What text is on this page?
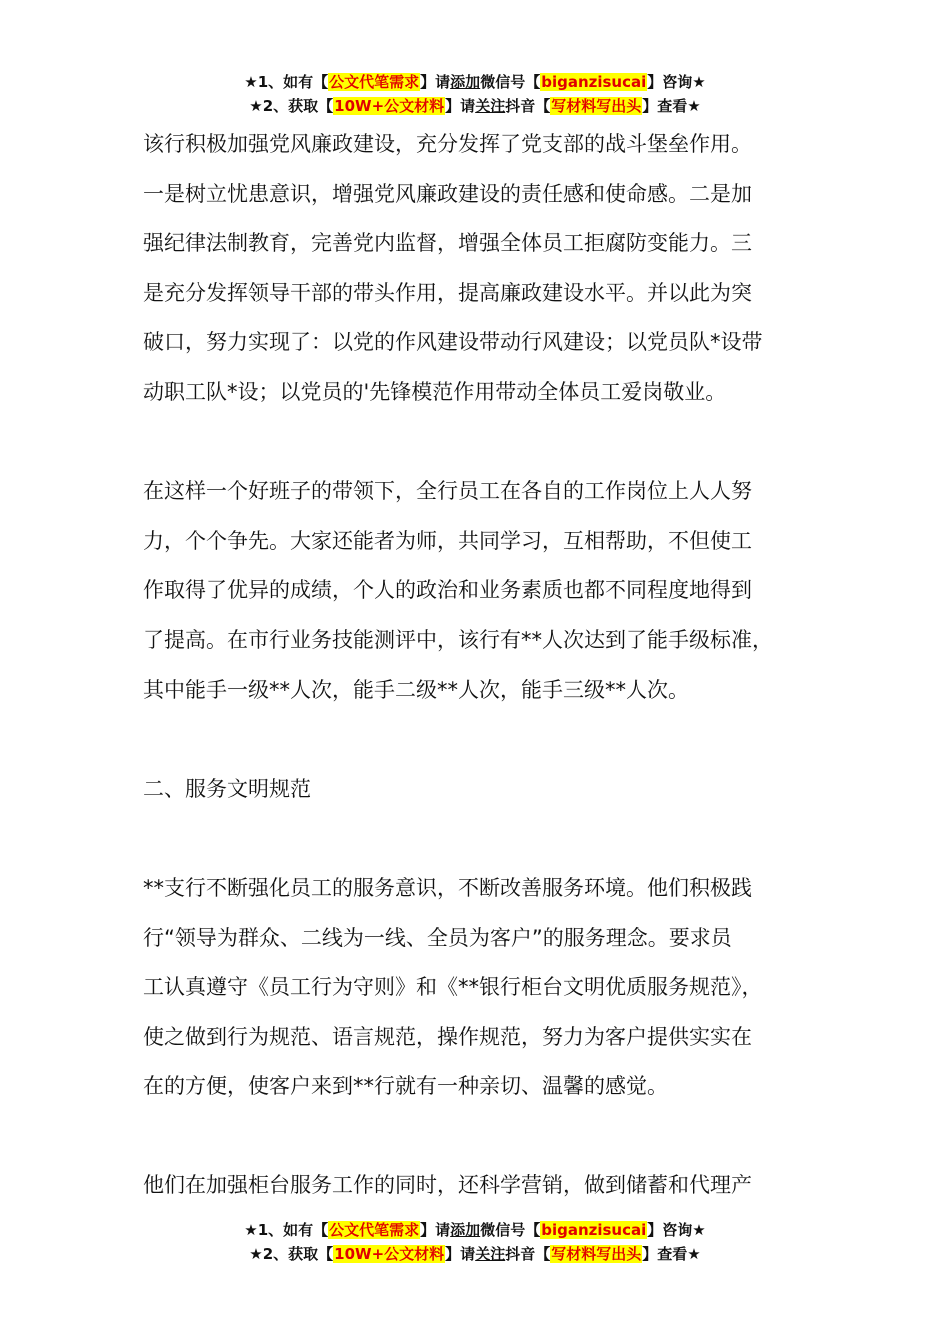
★1、如有【公文代笔需求】请添加微信号【biganzisucai】咨询★
★2、获取【10W+公文材料】请关注抖音【写材料写出头】查看★

该行积极加强党风廉政建设，充分发挥了党支部的战斗堡垒作用。
一是树立忧患意识，增强党风廉政建设的责任感和使命感。二是加
强纪律法制教育，完善党内监督，增强全体员工拒腐防变能力。三
是充分发挥领导干部的带头作用，提高廉政建设水平。并以此为突
破口，努力实现了：以党的作风建设带动行风建设；以党员队*设带
动职工队*设；以党员的'先锋模范作用带动全体员工爱岗敬业。

在这样一个好班子的带领下，全行员工在各自的工作岗位上人人努
力，个个争先。大家还能者为师，共同学习，互相帮助，不但使工
作取得了优异的成绩，个人的政治和业务素质也都不同程度地得到
了提高。在市行业务技能测评中，该行有**人次达到了能手级标准，
其中能手一级**人次，能手二级**人次，能手三级**人次。

二、服务文明规范

**支行不断强化员工的服务意识，不断改善服务环境。他们积极践
行“领导为群众、二线为一线、全员为客户”的服务理念。要求员
工认真遵守《员工行为守则》和《**银行柜台文明优质服务规范》，
使之做到行为规范、语言规范，操作规范，努力为客户提供实实在
在的方便，使客户来到**行就有一种亲切、温馨的感觉。

他们在加强柜台服务工作的同时，还科学营销，做到储蓄和代理产

★1、如有【公文代笔需求】请添加微信号【biganzisucai】咨询★
★2、获取【10W+公文材料】请关注抖音【写材料写出头】查看★
